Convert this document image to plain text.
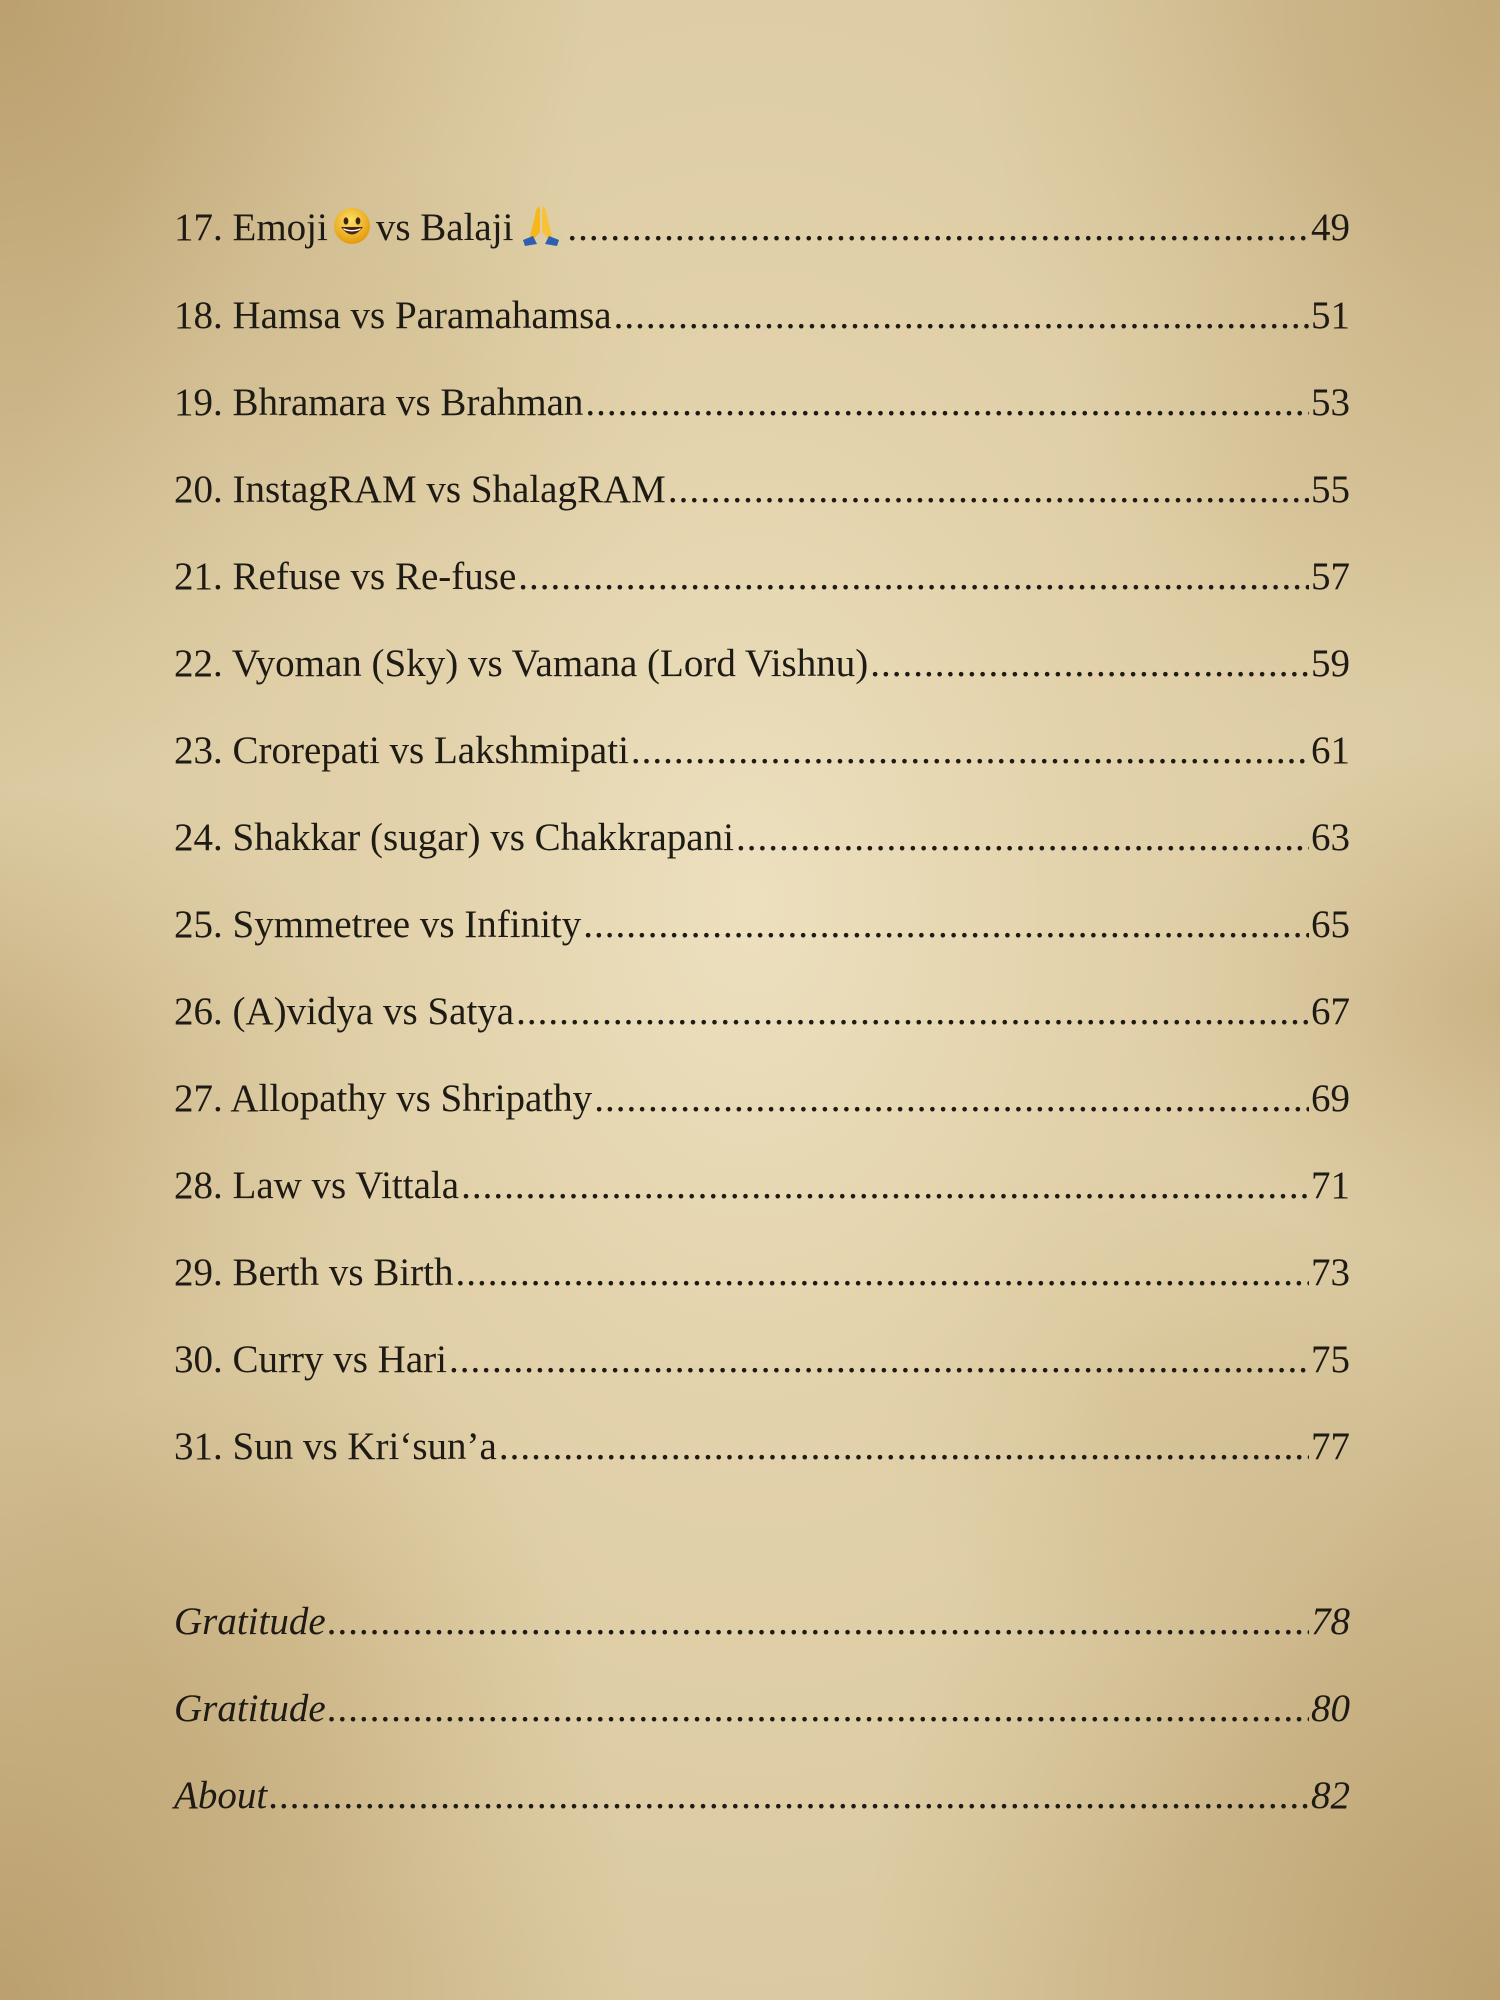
17. Emoji vs Balaji .....	49
18. Hamsa vs Paramahamsa .....	51
19. Bhramara vs Brahman .....	53
20. InstagRAM vs ShalagRAM .....	55
21. Refuse vs Re-fuse .....	57
22. Vyoman (Sky) vs Vamana (Lord Vishnu) .....	59
23. Crorepati vs Lakshmipati .....	61
24. Shakkar (sugar) vs Chakkrapani .....	63
25. Symmetree vs Infinity .....	65
26. (A)vidya vs Satya .....	67
27. Allopathy vs Shripathy .....	69
28. Law vs Vittala .....	71
29. Berth vs Birth .....	73
30. Curry vs Hari .....	75
31. Sun vs Kri‘sun’a .....	77
Gratitude .....	78
Gratitude .....	80
About .....	82
